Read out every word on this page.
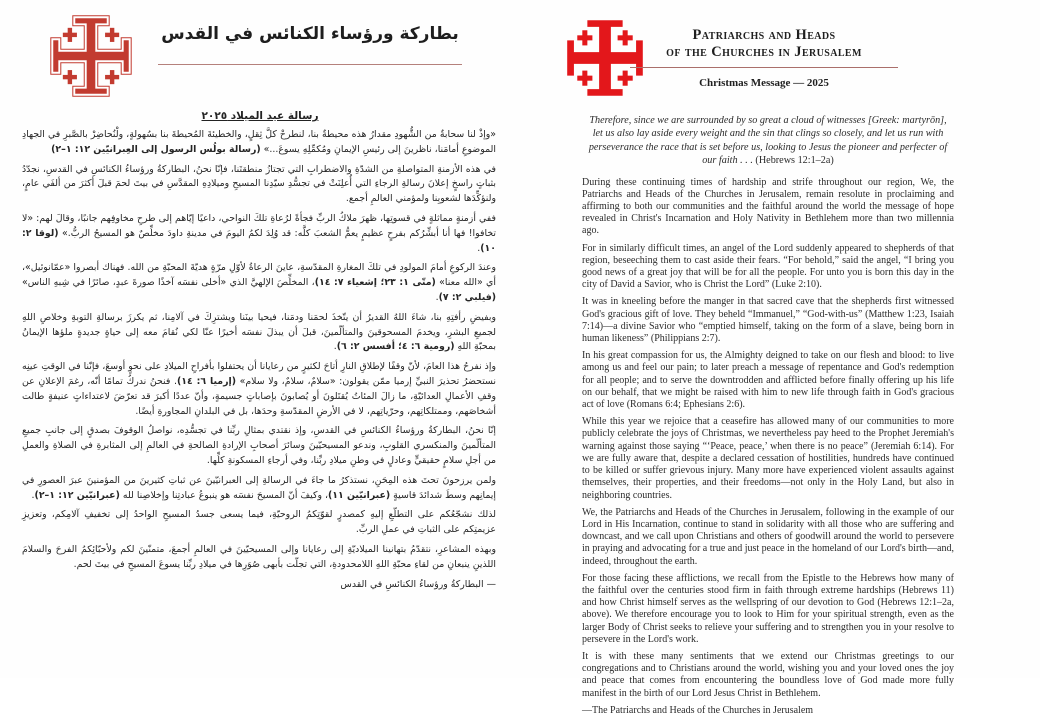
بطاركة ورؤساء الكنائس في القدس
رسالة عيد الميلاد ٢٠٢٥

«وإذْ لنا سحابةٌ من الشُّهودِ مقدارُ هذه محيطةٌ بنا، لنطرحْ كلَّ ثِقلٍ، والخطيئةَ المُحيطةَ بنا بسُهولةٍ، ولْنُحاضِرْ بالصَّبرِ في الجهادِ الموضوعِ أمامَنا، ناظرينَ إلى رئيسِ الإيمانِ ومُكمِّلِهِ يسوعَ...» (رسالة بولُس الرسول إلى العِبرانيّين ١٢: ١–٢)

في هذه الأزمنةِ المتواصلةِ من الشدّةِ والاضطرابِ التي تجتازُ منطقتَنا، فإنّا نحنُ، البطاركةُ ورؤساءُ الكنائسِ في القدسِ، نجدّدُ بثباتٍ راسخٍ إعلانَ رسالةِ الرجاءِ التي أُعلِنَتْ في تجسُّدِ سيّدِنا المسيحِ وميلادِهِ المقدَّسِ في بيتَ لحمَ قبلَ أكثرَ من ألفَي عامٍ، ولنؤكِّدَها لشعوبِنا ولمؤمني العالمِ أجمع.

ففي أزمنةٍ مماثلةٍ في قسوتِها، ظهرَ ملاكُ الربِّ فجأةً لرُعاةِ تلكَ النواحي، داعيًا إيّاهم إلى طرحِ مخاوفِهم جانبًا، وقالَ لهم: «لا تخافوا! فها أنا أبشِّرُكم بفرحٍ عظيمٍ يعمُّ الشعبَ كلَّه: قد وُلِدَ لكمُ اليومَ في مدينةِ داودَ مخلِّصٌ هو المسيحُ الربُّ.» (لوقا ٢: ١٠).

وعندَ الركوعِ أمامَ المولودِ في تلكَ المغارةِ المقدّسةِ، عاينَ الرعاةُ لأوّلِ مرّةٍ هديّةَ المحبّةِ من الله. فهناك أبصروا «عمّانوئيل»، أي «الله معنا» (متّى ١: ٢٣؛ إشعياء ٧: ١٤)، المخلِّصَ الإلهيَّ الذي «أخلى نفسَه آخذًا صورةَ عبدٍ، صائرًا في شِبهِ الناس» (فيلبي ٢: ٧).

وبفيضِ رأفتِهِ بنا، شاءَ اللهُ القديرُ أن يتّخذَ لحمَنا ودمَنا، فيحيا بينَنا ويشترِكَ في آلامِنا، ثم يكرزَ برسالةِ التوبةِ وخلاصِ اللهِ لجميعِ البشرِ، ويخدمَ المسحوقينَ والمتألّمينَ، قبلَ أن يبذلَ نفسَه أخيرًا عنّا لكي نُقامَ معه إلى حياةٍ جديدةٍ ملؤها الإيمانُ بمحبّةِ اللهِ (رومية ٦: ٤؛ أفسس ٢: ٦).

وإذ نفرحُ هذا العامَ، لأنّ وقفًا لإطلاقِ النارِ أتاحَ لكثيرٍ من رعايانا أن يحتفلوا بأفراحِ الميلادِ على نحوٍ أوسعَ، فإنّنا في الوقتِ عينِه نستحضرُ تحذيرَ النبيِّ إرميا ممّن يقولون: «سلامٌ، سلامٌ، ولا سلام» (إرميا ٦: ١٤). فنحنُ ندركُ تمامًا أنّه، رغمَ الإعلانِ عن وقفِ الأعمالِ العدائيّةِ، ما زالَ المئاتُ يُقتَلونَ أو يُصابونَ بإصاباتٍ جسيمةٍ، وأنّ عددًا أكبرَ قد تعرّضَ لاعتداءاتٍ عنيفةٍ طالت أشخاصَهم، وممتلكاتِهم، وحرّياتِهم، لا في الأرضِ المقدّسةِ وحدَها، بل في البلدانِ المجاورةِ أيضًا.

إنّا نحنُ، البطاركةُ ورؤساءُ الكنائسِ في القدسِ، وإذ نقتدي بمثالِ ربِّنا في تجسُّدِه، نواصلُ الوقوفَ بصدقٍ إلى جانبِ جميعِ المتألّمينَ والمنكسري القلوبِ، وندعو المسيحيّينَ وسائرَ أصحابِ الإرادةِ الصالحةِ في العالمِ إلى المثابرةِ في الصلاةِ والعملِ من أجلِ سلامٍ حقيقيٍّ وعادلٍ في وطنِ ميلادِ ربِّنا، وفي أرجاءِ المسكونةِ كلِّها.

ولمن يرزحونَ تحتَ هذه المِحَنِ، نستذكرُ ما جاءَ في الرسالةِ إلى العبرانيّينَ عن ثباتِ كثيرينَ من المؤمنينَ عبرَ العصورِ في إيمانِهم وسطَ شدائدَ قاسيةٍ (عبرانيّين ١١)، وكيفَ أنّ المسيحَ نفسَه هو ينبوعُ عبادتِنا وإخلاصِنا لله (عبرانيّين ١٢: ١–٢).

لذلك نشجّعُكم على التطلّعِ إليهِ كمصدرٍ لقوّتِكمُ الروحيّةِ، فيما يسعى جسدُ المسيحِ الواحدُ إلى تخفيفِ آلامِكم، وتعزيزِ عزيمتِكم على الثباتِ في عملِ الربِّ.

وبهذه المشاعرِ، نتقدّمُ بتهانينا الميلاديّةِ إلى رعايانا وإلى المسيحيّينَ في العالمِ أجمعَ، متمنّينَ لكم ولأحبّائِكمُ الفرحَ والسلامَ اللذينِ ينبعانِ من لقاءِ محبّةِ اللهِ اللامحدودةِ، التي تجلّت بأبهى صُوَرِها في ميلادِ ربِّنا يسوعَ المسيحِ في بيتَ لحم.

— البطاركةُ ورؤساءُ الكنائسِ في القدس

Patriarchs and Heads
of the Churches in Jerusalem
Christmas Message — 2025

Therefore, since we are surrounded by so great a cloud of witnesses [Greek: martyrōn], let us also lay aside every weight and the sin that clings so closely, and let us run with perseverance the race that is set before us, looking to Jesus the pioneer and perfecter of our faith . . . (Hebrews 12:1–2a)

During these continuing times of hardship and strife throughout our region, We, the Patriarchs and Heads of the Churches in Jerusalem, remain resolute in proclaiming and affirming to both our communities and the faithful around the world the message of hope revealed in Christ's Incarnation and Holy Nativity in Bethlehem more than two millennia ago.

For in similarly difficult times, an angel of the Lord suddenly appeared to shepherds of that region, beseeching them to cast aside their fears. “For behold,” said the angel, “I bring you good news of a great joy that will be for all the people. For unto you is born this day in the city of David a Savior, who is Christ the Lord” (Luke 2:10).

It was in kneeling before the manger in that sacred cave that the shepherds first witnessed God's gracious gift of love. They beheld “Immanuel,” “God-with-us” (Matthew 1:23, Isaiah 7:14)—a divine Savior who “emptied himself, taking on the form of a slave, being born in human likeness” (Philippians 2:7).

In his great compassion for us, the Almighty deigned to take on our flesh and blood: to live among us and feel our pain; to later preach a message of repentance and God's redemption for all people; and to serve the downtrodden and afflicted before finally offering up his life on our behalf, that we might be raised with him to new life through faith in God's gracious act of love (Romans 6:4; Ephesians 2:6).

While this year we rejoice that a ceasefire has allowed many of our communities to more publicly celebrate the joys of Christmas, we nevertheless pay heed to the Prophet Jeremiah's warning against those saying “‘Peace, peace,’ when there is no peace” (Jeremiah 6:14). For we are fully aware that, despite a declared cessation of hostilities, hundreds have continued to be killed or suffer grievous injury. Many more have experienced violent assaults against themselves, their properties, and their freedoms—not only in the Holy Land, but also in neighboring countries.

We, the Patriarchs and Heads of the Churches in Jerusalem, following in the example of our Lord in His Incarnation, continue to stand in solidarity with all those who are suffering and downcast, and we call upon Christians and others of goodwill around the world to persevere in praying and advocating for a true and just peace in the homeland of our Lord's birth—and, indeed, throughout the earth.

For those facing these afflictions, we recall from the Epistle to the Hebrews how many of the faithful over the centuries stood firm in faith through extreme hardships (Hebrews 11) and how Christ himself serves as the wellspring of our devotion to God (Hebrews 12:1–2a, above). We therefore encourage you to look to Him for your spiritual strength, even as the larger Body of Christ seeks to relieve your suffering and to strengthen you in your resolve to persevere in the Lord's work.

It is with these many sentiments that we extend our Christmas greetings to our congregations and to Christians around the world, wishing you and your loved ones the joy and peace that comes from encountering the boundless love of God made more fully manifest in the birth of our Lord Jesus Christ in Bethlehem.

—The Patriarchs and Heads of the Churches in Jerusalem
